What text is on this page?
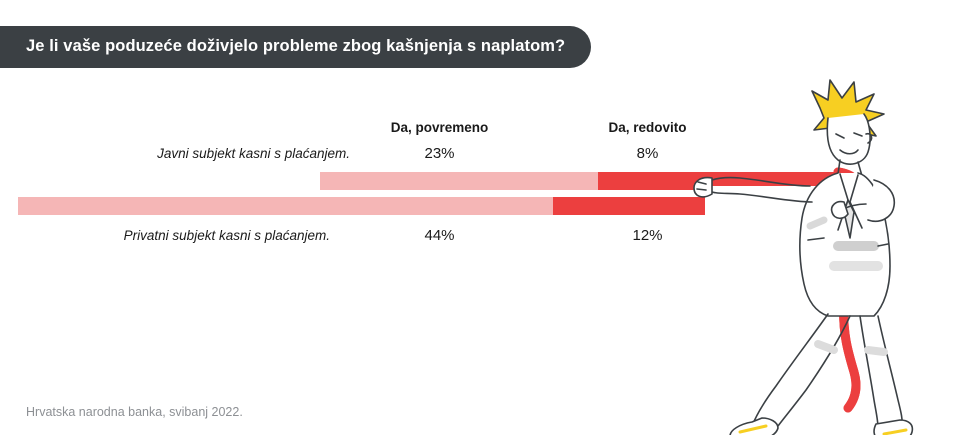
Je li vaše poduzeće doživjelo probleme zbog kašnjenja s naplatom?
Da, povremeno	Da, redovito
Javni subjekt kasni s plaćanjem.	23%	8%
Privatni subjekt kasni s plaćanjem.	44%	12%
Hrvatska narodna banka, svibanj 2022.
